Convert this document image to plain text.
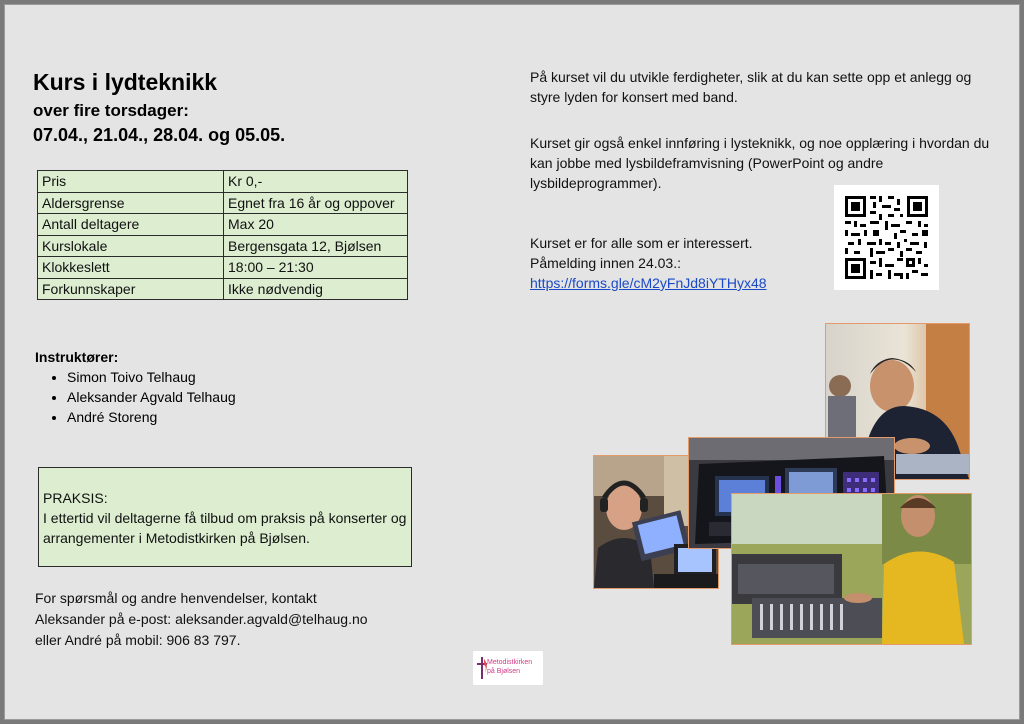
Kurs i lydteknikk
over fire torsdager:
07.04., 21.04., 28.04. og 05.05.
Pris	Kr 0,-
Aldersgrense	Egnet fra 16 år og oppover
Antall deltagere	Max 20
Kurslokale	Bergensgata 12, Bjølsen
Klokkeslett	18:00 – 21:30
Forkunnskaper	Ikke nødvendig
Instruktører:
• Simon Toivo Telhaug
• Aleksander Agvald Telhaug
• André Storeng
PRAKSIS:
I ettertid vil deltagerne få tilbud om praksis på konserter og arrangementer i Metodistkirken på Bjølsen.
For spørsmål og andre henvendelser, kontakt
Aleksander på e-post: aleksander.agvald@telhaug.no
eller André på mobil: 906 83 797.
På kurset vil du utvikle ferdigheter, slik at du kan sette opp et anlegg og styre lyden for konsert med band.
Kurset gir også enkel innføring i lysteknikk, og noe opplæring i hvordan du kan jobbe med lysbildeframvisning (PowerPoint og andre lysbildeprogrammer).
Kurset er for alle som er interessert.
Påmelding innen 24.03.:
https://forms.gle/cM2yFnJd8iYTHyx48
Metodistkirken
på Bjølsen
